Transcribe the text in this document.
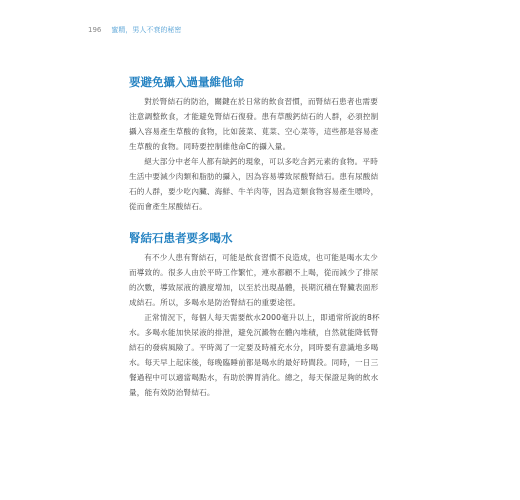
196 蜜精，男人不衰的秘密
要避免攝入過量維他命

對於腎結石的防治，關鍵在於日常的飲食習慣，而腎結石患者也需要
注意調整飲食，才能避免腎結石復發。患有草酸鈣結石的人群，必須控制
攝入容易產生草酸的食物，比如菠菜、莧菜、空心菜等，這些都是容易產
生草酸的食物。同時要控制維他命C的攝入量。

絕大部分中老年人都有缺鈣的現象，可以多吃含鈣元素的食物。平時
生活中要減少肉類和脂肪的攝入，因為容易導致尿酸腎結石。患有尿酸結
石的人群，要少吃內臟、海鮮、牛羊肉等，因為這類食物容易產生嘌呤，
從而會產生尿酸結石。

腎結石患者要多喝水

有不少人患有腎結石，可能是飲食習慣不良造成，也可能是喝水太少
而導致的。很多人由於平時工作繁忙，連水都顧不上喝，從而減少了排尿
的次數，導致尿液的濃度增加，以至於出現晶體，長期沉積在腎臟表面形
成結石。所以，多喝水是防治腎結石的重要途徑。

正常情況下，每個人每天需要飲水2000毫升以上，即通常所說的8杯
水。多喝水能加快尿液的排泄，避免沉澱物在體內堆積，自然就能降低腎
結石的發病風險了。平時渴了一定要及時補充水分，同時要有意識地多喝
水。每天早上起床後，每晚臨睡前都是喝水的最好時間段。同時，一日三
餐過程中可以適當喝點水，有助於脾胃消化。總之，每天保證足夠的飲水
量，能有效防治腎結石。
